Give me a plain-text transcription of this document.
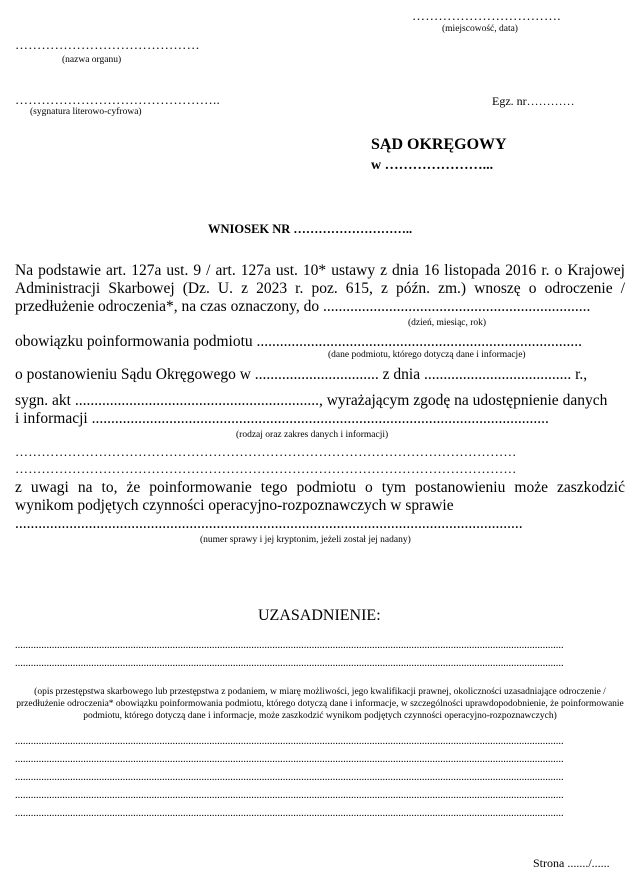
…………………………….
(miejscowość, data)
……………………………………
(nazwa organu)
………………………………………..
(sygnatura literowo-cyfrowa)
Egz. nr…………
SĄD OKRĘGOWY
w …………………...
WNIOSEK NR ………………………..
Na podstawie art. 127a ust. 9 / art. 127a ust. 10* ustawy z dnia 16 listopada 2016 r. o Krajowej Administracji Skarbowej (Dz. U. z 2023 r. poz. 615, z późn. zm.) wnoszę o odroczenie / przedłużenie odroczenia*, na czas oznaczony, do .....................................................................
(dzień, miesiąc, rok)
obowiązku poinformowania podmiotu ....................................................................................
(dane podmiotu, którego dotyczą dane i informacje)
o postanowieniu Sądu Okręgowego w ................................ z dnia ...................................... r.,
sygn. akt ..............................................................., wyrażającym zgodę na udostępnienie danych
i informacji ......................................................................................................................
(rodzaj oraz zakres danych i informacji)
……………………………………………………………………………………………………
……………………………………………………………………………………………………
z uwagi na to, że poinformowanie tego podmiotu o tym postanowieniu może zaszkodzić wynikom podjętych czynności operacyjno-rozpoznawczych w sprawie
...................................................................................................................................
(numer sprawy i jej kryptonim, jeżeli został jej nadany)
UZASADNIENIE:
.................................................................................................................................................................................................................
.................................................................................................................................................................................................................
(opis przestępstwa skarbowego lub przestępstwa z podaniem, w miarę możliwości, jego kwalifikacji prawnej, okoliczności uzasadniające odroczenie / przedłużenie odroczenia* obowiązku poinformowania podmiotu, którego dotyczą dane i informacje, w szczególności uprawdopodobnienie, że poinformowanie podmiotu, którego dotyczą dane i informacje, może zaszkodzić wynikom podjętych czynności operacyjno-rozpoznawczych)
.................................................................................................................................................................................................................
.................................................................................................................................................................................................................
.................................................................................................................................................................................................................
.................................................................................................................................................................................................................
.................................................................................................................................................................................................................
Strona ......./......
